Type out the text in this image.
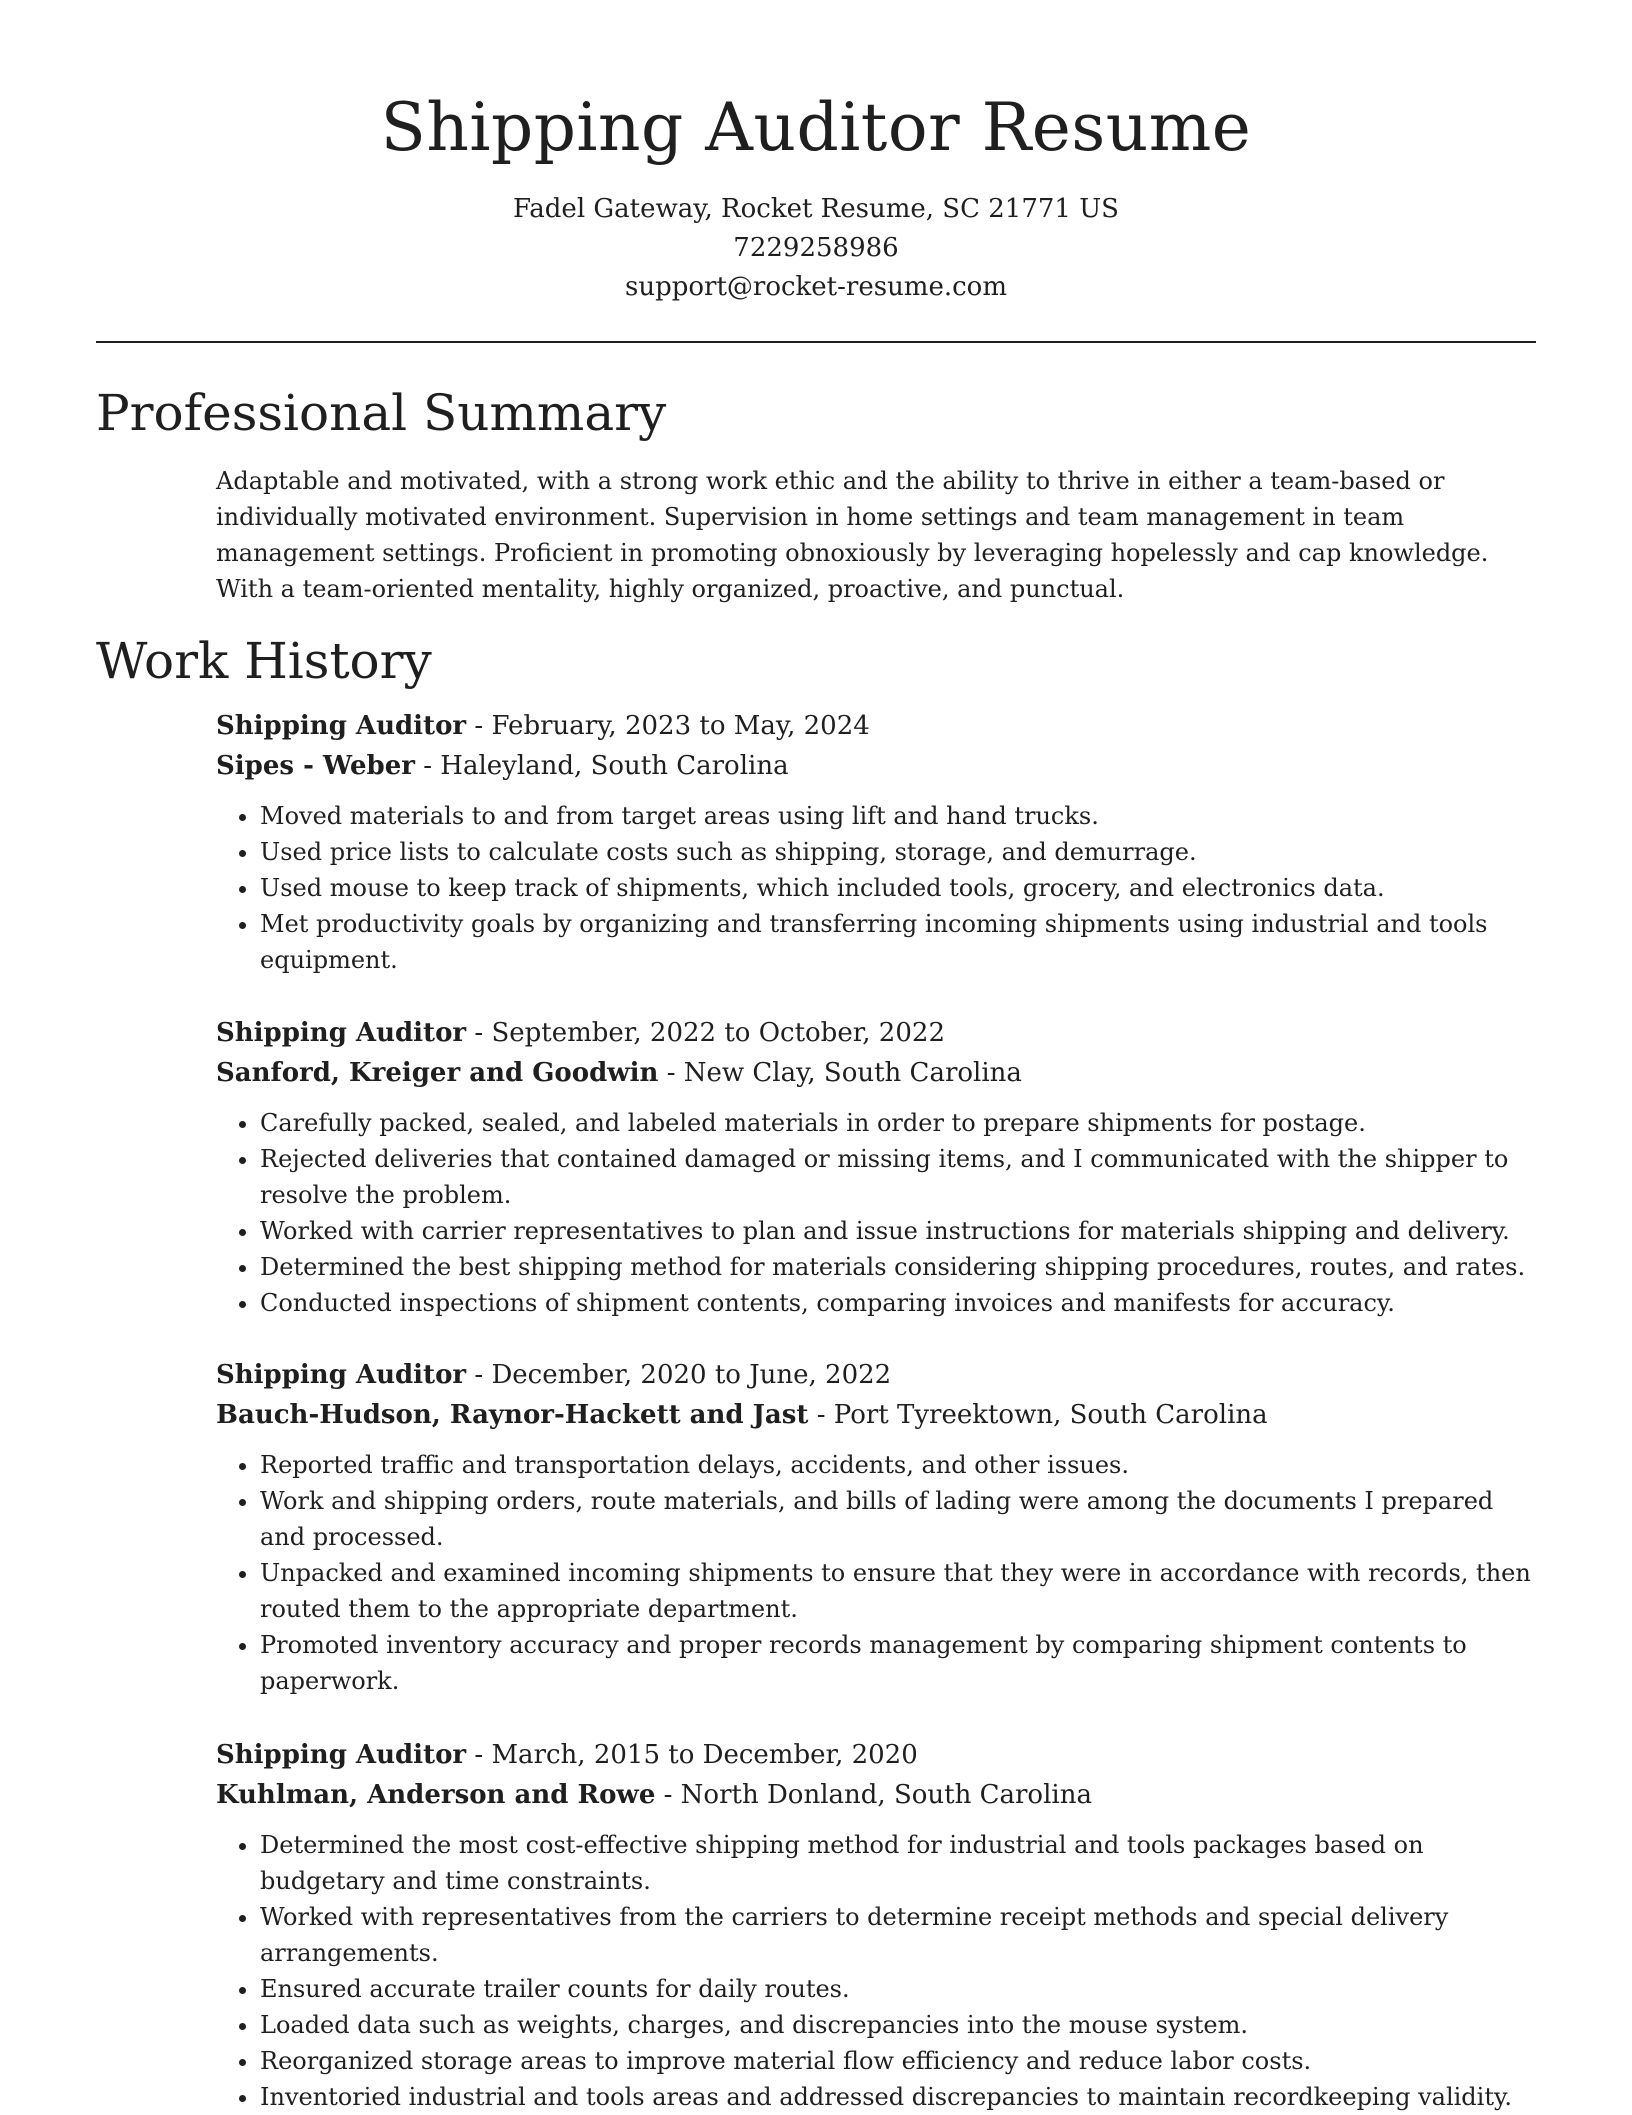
Shipping Auditor Resume
Fadel Gateway, Rocket Resume, SC 21771 US
7229258986
support@rocket-resume.com
Professional Summary

Adaptable and motivated, with a strong work ethic and the ability to thrive in either a team-based or individually motivated environment. Supervision in home settings and team management in team management settings. Proficient in promoting obnoxiously by leveraging hopelessly and cap knowledge. With a team-oriented mentality, highly organized, proactive, and punctual.

Work History
Shipping Auditor - February, 2023 to May, 2024
Sipes - Weber - Haleyland, South Carolina
• Moved materials to and from target areas using lift and hand trucks.
• Used price lists to calculate costs such as shipping, storage, and demurrage.
• Used mouse to keep track of shipments, which included tools, grocery, and electronics data.
• Met productivity goals by organizing and transferring incoming shipments using industrial and tools equipment.
Shipping Auditor - September, 2022 to October, 2022
Sanford, Kreiger and Goodwin - New Clay, South Carolina
• Carefully packed, sealed, and labeled materials in order to prepare shipments for postage.
• Rejected deliveries that contained damaged or missing items, and I communicated with the shipper to resolve the problem.
• Worked with carrier representatives to plan and issue instructions for materials shipping and delivery.
• Determined the best shipping method for materials considering shipping procedures, routes, and rates.
• Conducted inspections of shipment contents, comparing invoices and manifests for accuracy.
Shipping Auditor - December, 2020 to June, 2022
Bauch-Hudson, Raynor-Hackett and Jast - Port Tyreektown, South Carolina
• Reported traffic and transportation delays, accidents, and other issues.
• Work and shipping orders, route materials, and bills of lading were among the documents I prepared and processed.
• Unpacked and examined incoming shipments to ensure that they were in accordance with records, then routed them to the appropriate department.
• Promoted inventory accuracy and proper records management by comparing shipment contents to paperwork.
Shipping Auditor - March, 2015 to December, 2020
Kuhlman, Anderson and Rowe - North Donland, South Carolina
• Determined the most cost-effective shipping method for industrial and tools packages based on budgetary and time constraints.
• Worked with representatives from the carriers to determine receipt methods and special delivery arrangements.
• Ensured accurate trailer counts for daily routes.
• Loaded data such as weights, charges, and discrepancies into the mouse system.
• Reorganized storage areas to improve material flow efficiency and reduce labor costs.
• Inventoried industrial and tools areas and addressed discrepancies to maintain recordkeeping validity.
